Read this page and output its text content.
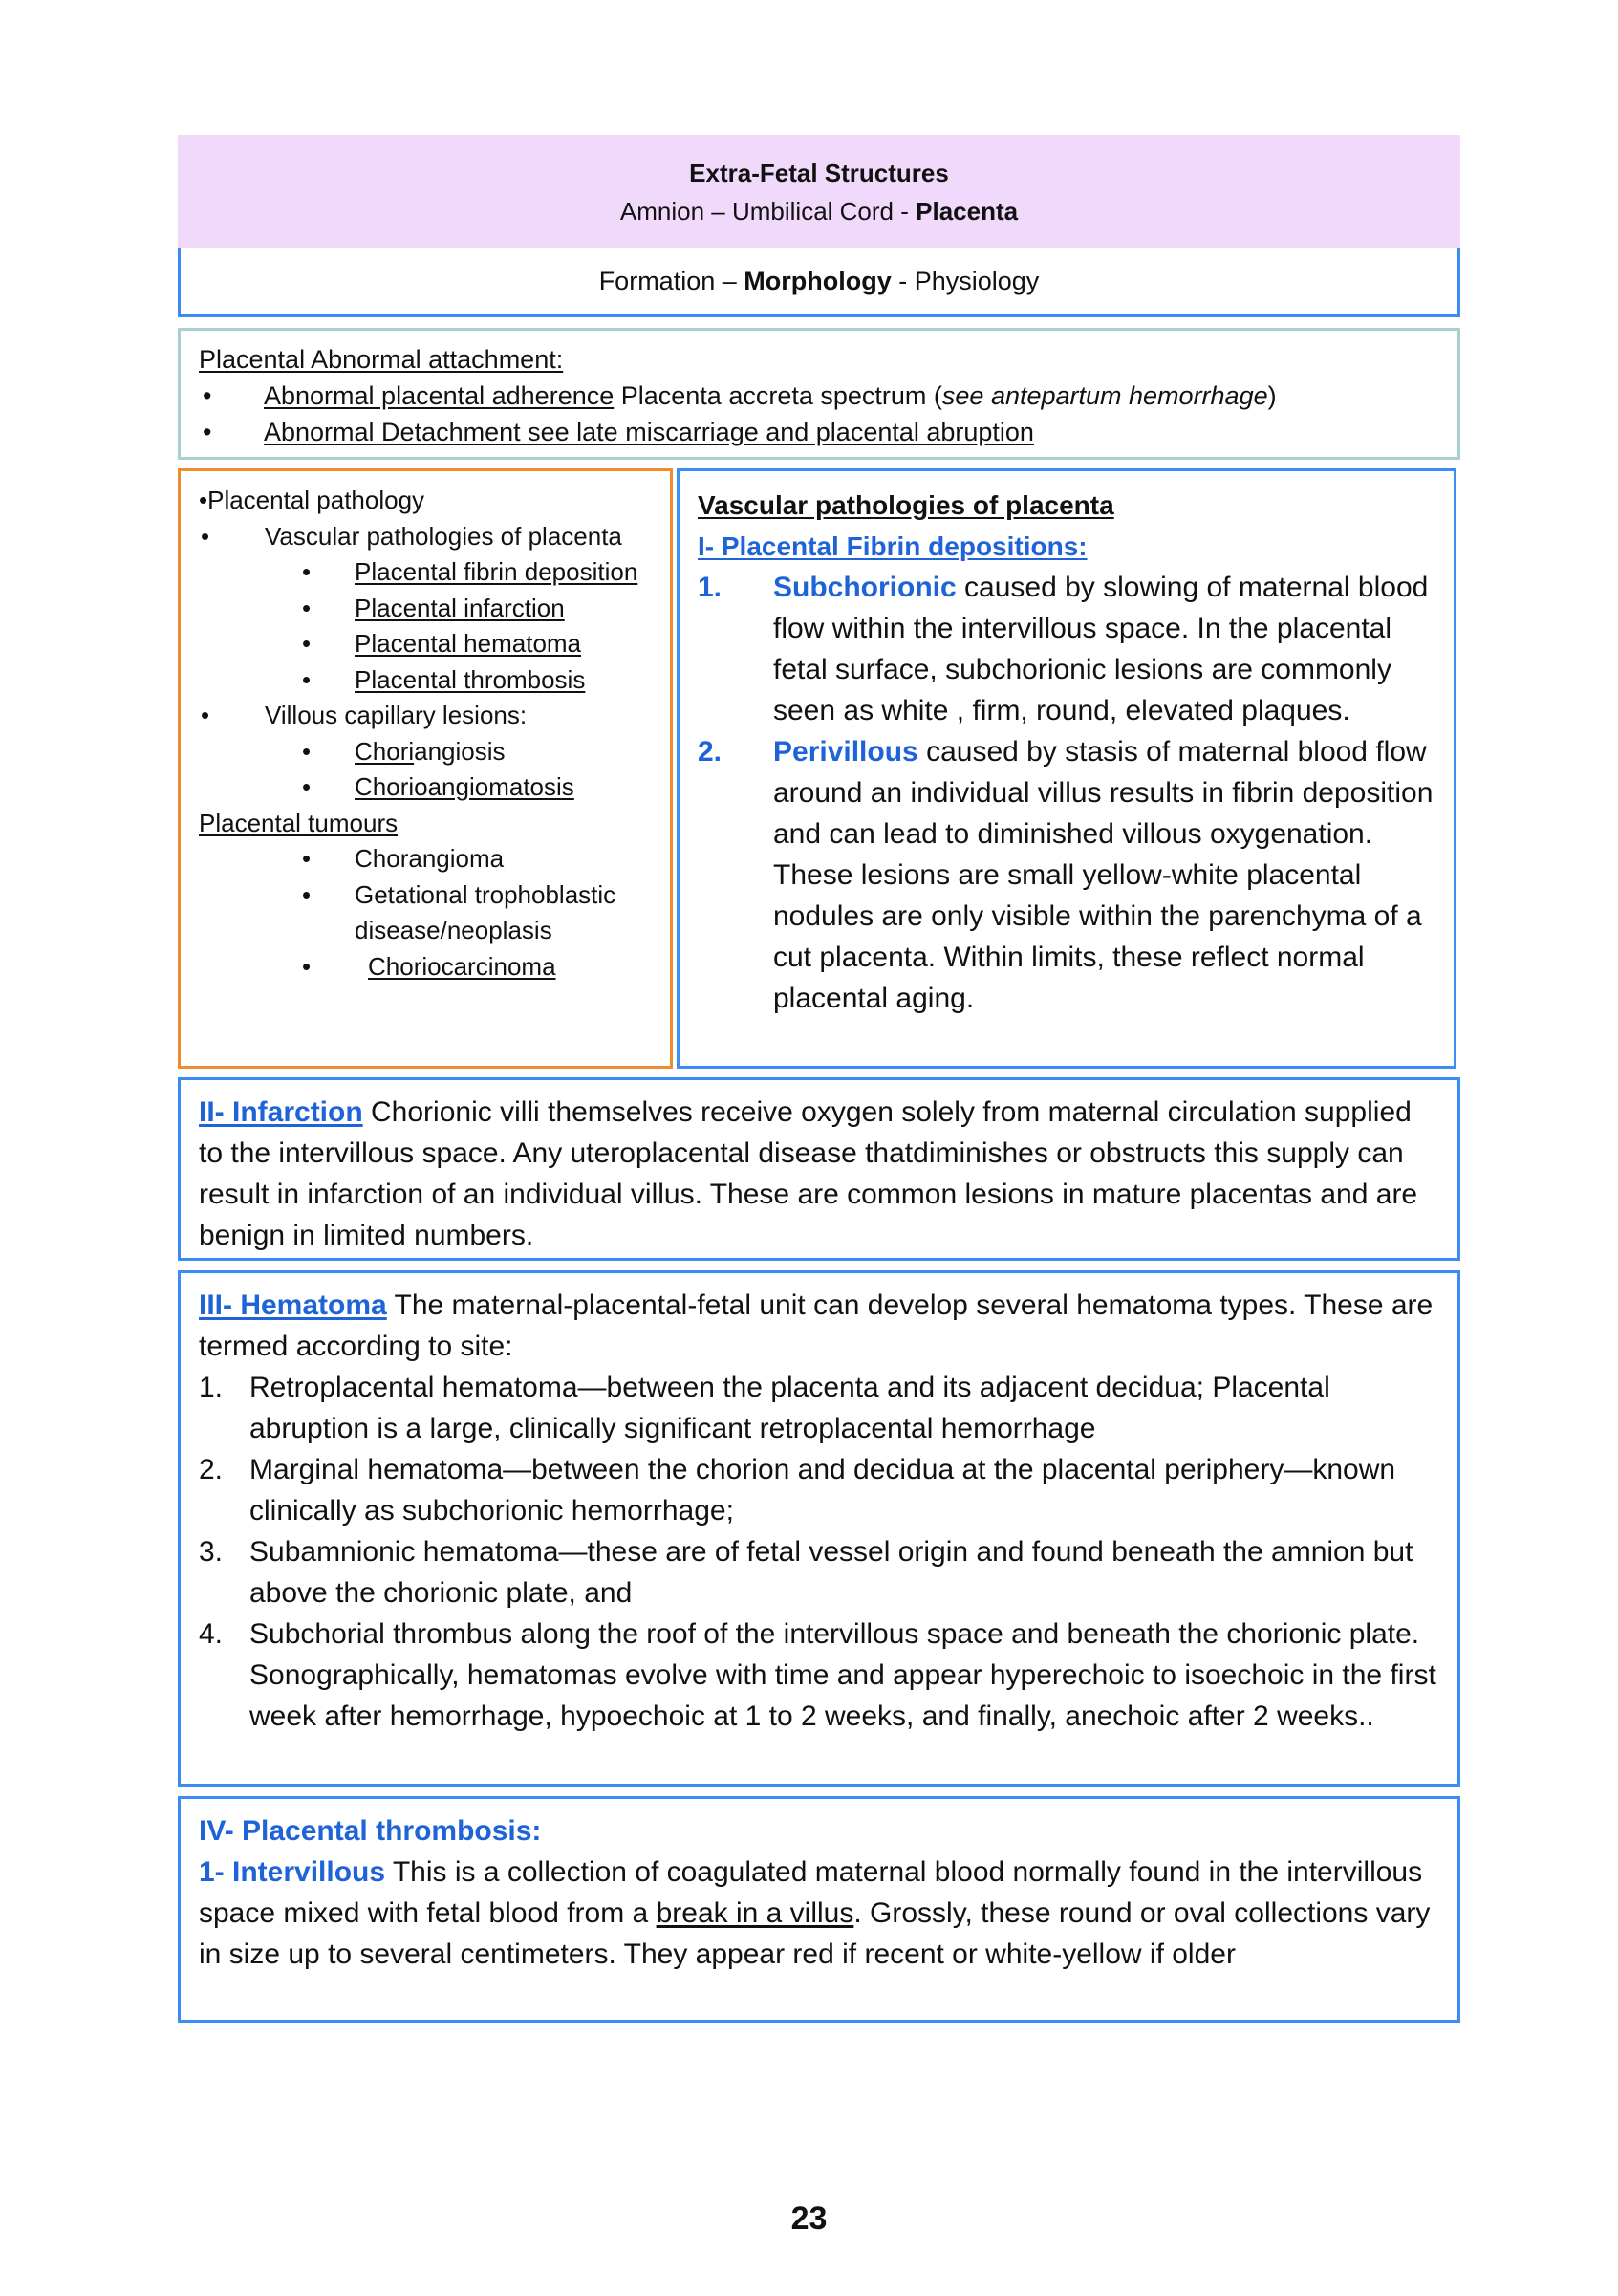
Extra-Fetal Structures
Amnion – Umbilical Cord - Placenta
Formation – Morphology - Physiology
Placental Abnormal attachment:
• Abnormal placental adherence Placenta accreta spectrum (see antepartum hemorrhage)
• Abnormal Detachment see late miscarriage and placental abruption
•Placental pathology
• Vascular pathologies of placenta
• Placental fibrin deposition
• Placental infarction
• Placental hematoma
• Placental thrombosis
• Villous capillary lesions:
• Choriangiosis
• Chorioangiomatosis
Placental tumours
• Chorangioma
• Getational trophoblastic disease/neoplasis
• Choriocarcinoma
Vascular pathologies of placenta
I- Placental Fibrin depositions:
1. Subchorionic caused by slowing of maternal blood flow within the intervillous space. In the placental fetal surface, subchorionic lesions are commonly seen as white , firm, round, elevated plaques.
2. Perivillous caused by stasis of maternal blood flow around an individual villus results in fibrin deposition and can lead to diminished villous oxygenation. These lesions are small yellow-white placental nodules are only visible within the parenchyma of a cut placenta. Within limits, these reflect normal placental aging.
II- Infarction Chorionic villi themselves receive oxygen solely from maternal circulation supplied to the intervillous space. Any uteroplacental disease thatdiminishes or obstructs this supply can result in infarction of an individual villus. These are common lesions in mature placentas and are benign in limited numbers.
III- Hematoma The maternal-placental-fetal unit can develop several hematoma types. These are termed according to site:
1. Retroplacental hematoma—between the placenta and its adjacent decidua; Placental abruption is a large, clinically significant retroplacental hemorrhage
2. Marginal hematoma—between the chorion and decidua at the placental periphery—known clinically as subchorionic hemorrhage;
3. Subamnionic hematoma—these are of fetal vessel origin and found beneath the amnion but above the chorionic plate, and
4. Subchorial thrombus along the roof of the intervillous space and beneath the chorionic plate. Sonographically, hematomas evolve with time and appear hyperechoic to isoechoic in the first week after hemorrhage, hypoechoic at 1 to 2 weeks, and finally, anechoic after 2 weeks..
IV- Placental thrombosis:
1- Intervillous This is a collection of coagulated maternal blood normally found in the intervillous space mixed with fetal blood from a break in a villus. Grossly, these round or oval collections vary in size up to several centimeters. They appear red if recent or white-yellow if older
23
